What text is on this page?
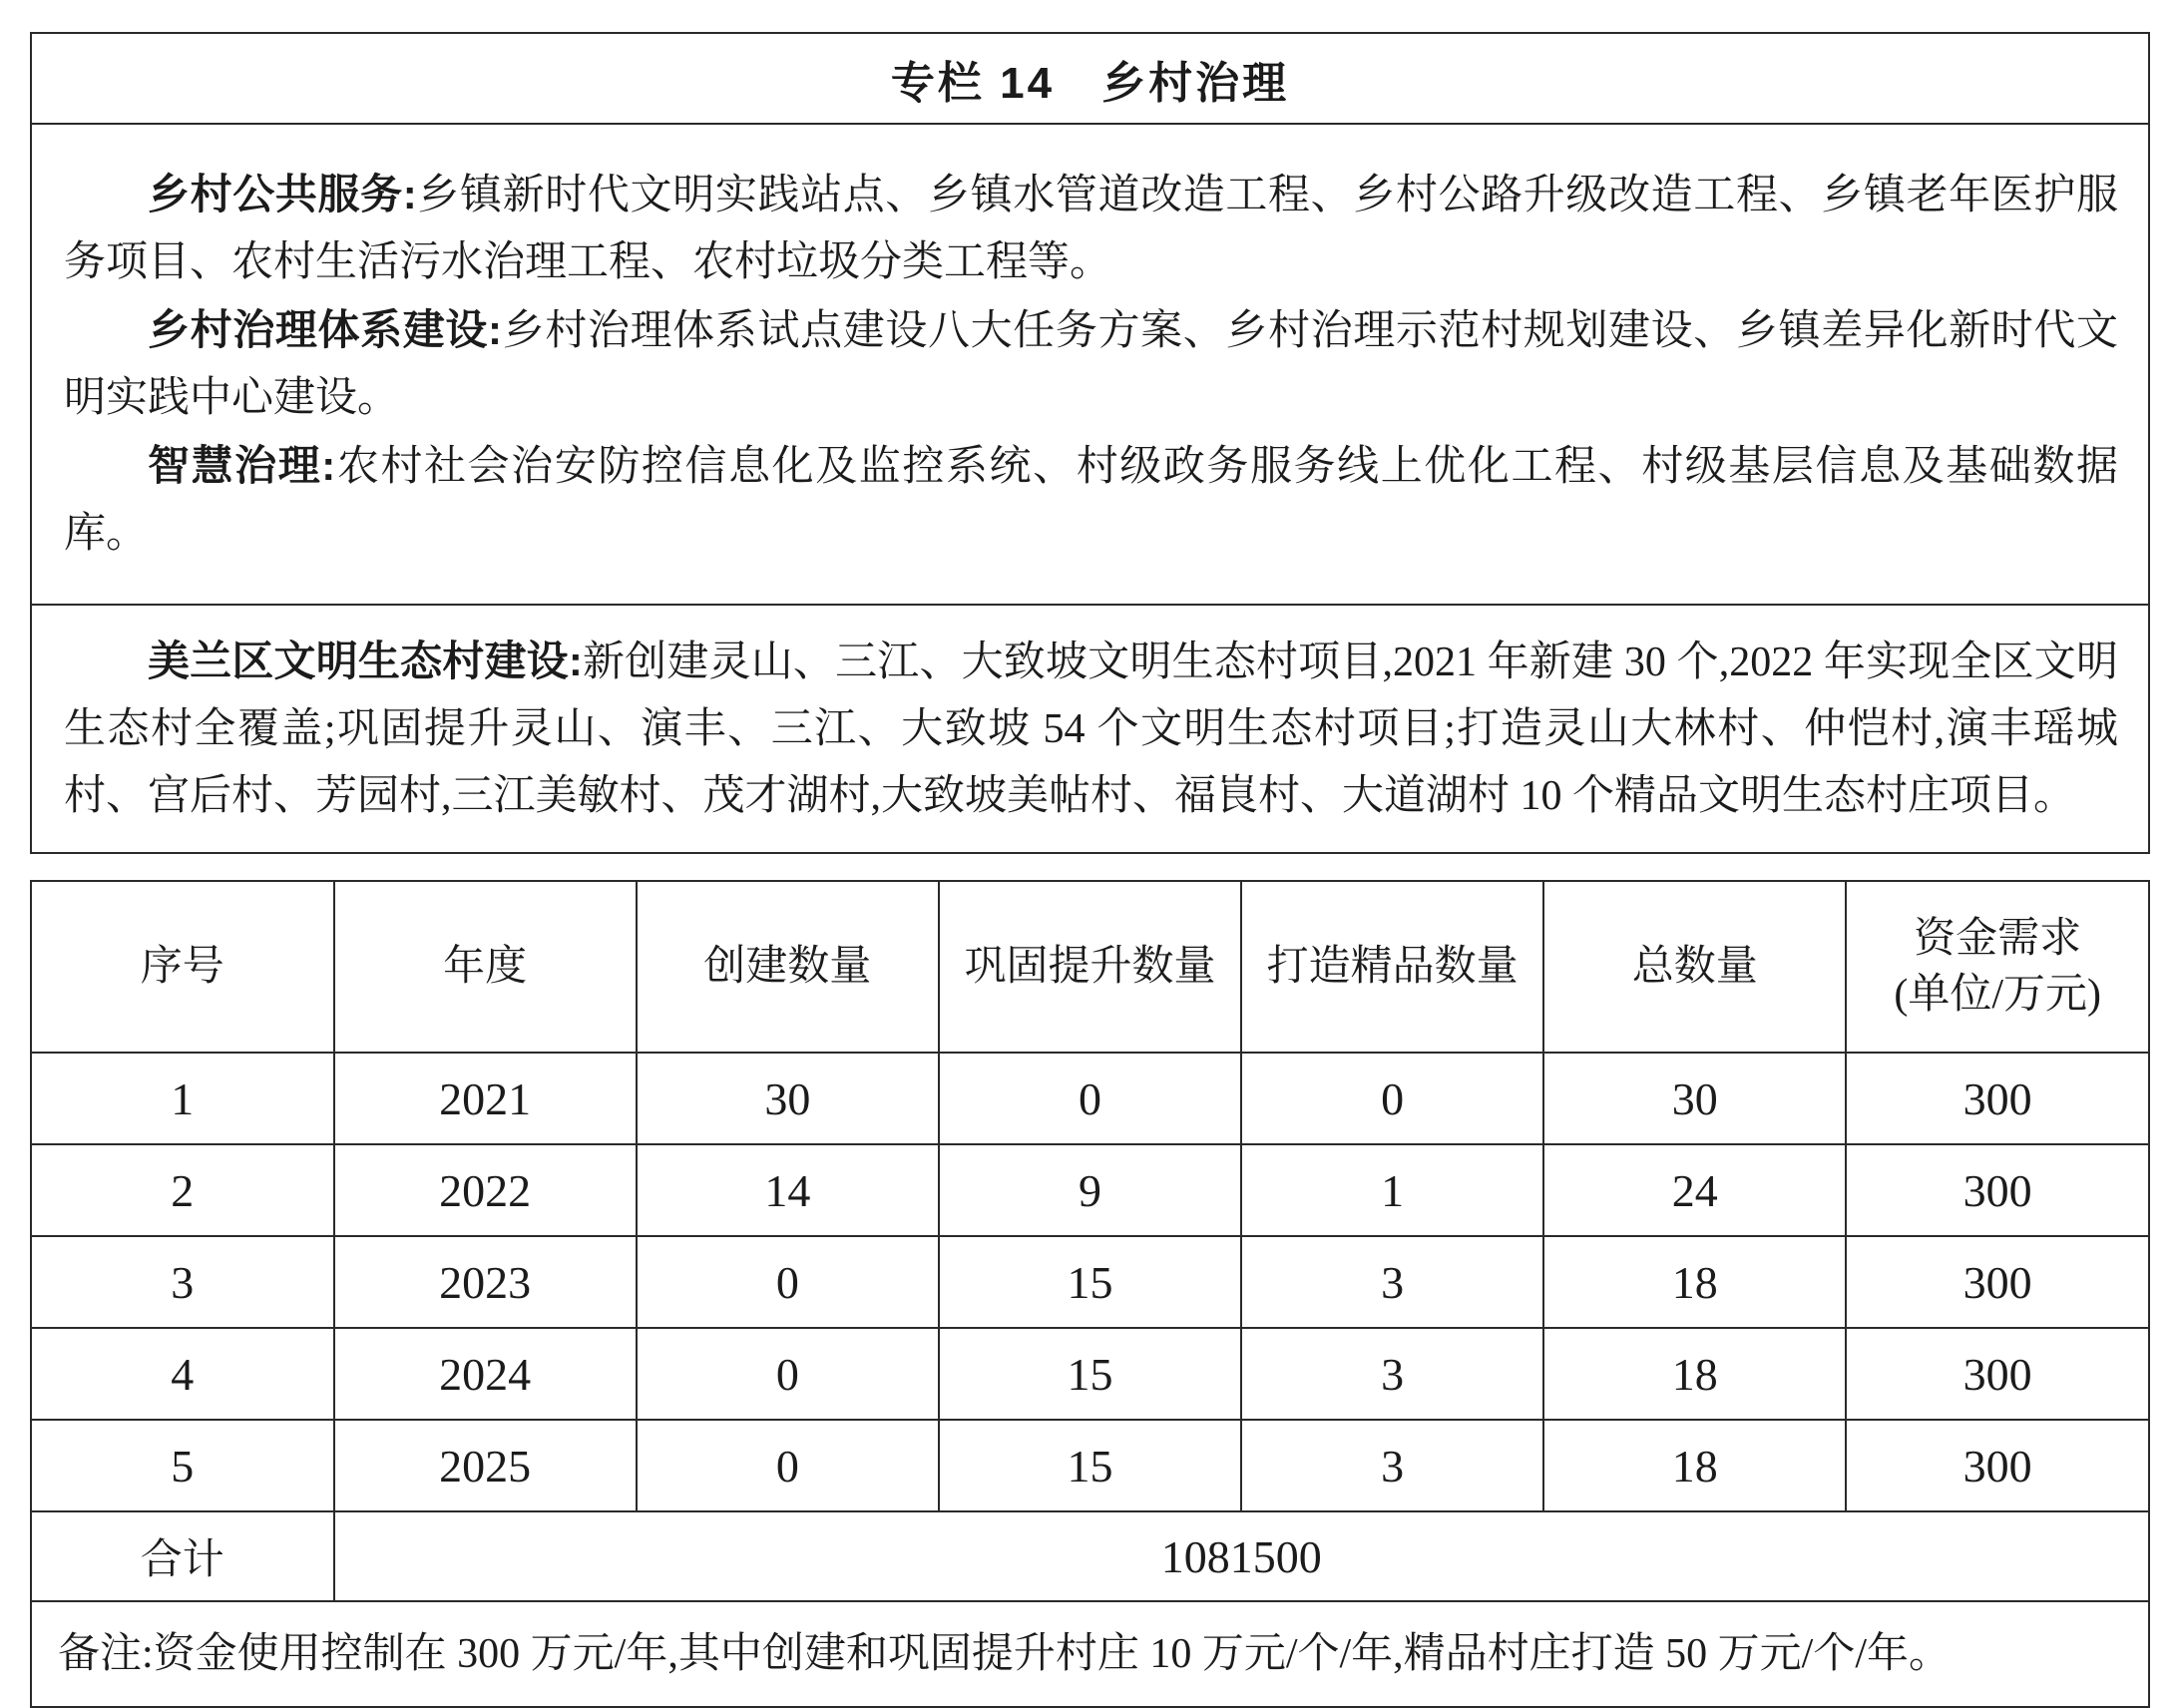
专栏 14　乡村治理

乡村公共服务:乡镇新时代文明实践站点、乡镇水管道改造工程、乡村公路升级改造工程、乡镇老年医护服务项目、农村生活污水治理工程、农村垃圾分类工程等。

乡村治理体系建设:乡村治理体系试点建设八大任务方案、乡村治理示范村规划建设、乡镇差异化新时代文明实践中心建设。

智慧治理:农村社会治安防控信息化及监控系统、村级政务服务线上优化工程、村级基层信息及基础数据库。

美兰区文明生态村建设:新创建灵山、三江、大致坡文明生态村项目,2021 年新建 30 个,2022 年实现全区文明生态村全覆盖;巩固提升灵山、演丰、三江、大致坡 54 个文明生态村项目;打造灵山大林村、仲恺村,演丰瑶城村、宫后村、芳园村,三江美敏村、茂才湖村,大致坡美帖村、福峎村、大道湖村 10 个精品文明生态村庄项目。

序号	年度	创建数量	巩固提升数量	打造精品数量	总数量	资金需求
(单位/万元)

1	2021	30	0	0	30	300
2	2022	14	9	1	24	300
3	2023	0	15	3	18	300
4	2024	0	15	3	18	300
5	2025	0	15	3	18	300
合计	1081500					
备注:资金使用控制在 300 万元/年,其中创建和巩固提升村庄 10 万元/个/年,精品村庄打造 50 万元/个/年。						
